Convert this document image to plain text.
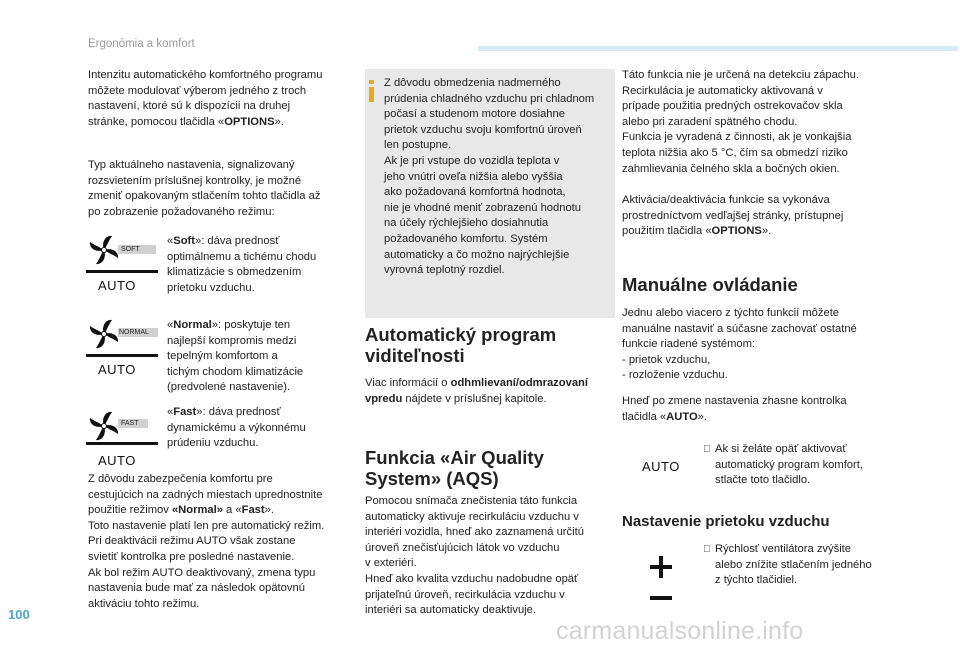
Ergonómia a komfort
Intenzitu automatického komfortného programu
môžete modulovať výberom jedného z troch
nastavení, ktoré sú k dispozícii na druhej
stránke, pomocou tlačidla «OPTIONS».
Typ aktuálneho nastavenia, signalizovaný
rozsvietením príslušnej kontrolky, je možné
zmeniť opakovaným stlačením tohto tlačidla až
po zobrazenie požadovaného režimu:
SOFT
AUTO
«Soft»: dáva prednosť
optimálnemu a tichému chodu
klimatizácie s obmedzením
prietoku vzduchu.
NORMAL
AUTO
«Normal»: poskytuje ten
najlepší kompromis medzi
tepelným komfortom a
tichým chodom klimatizácie
(predvolené nastavenie).
FAST
AUTO
«Fast»: dáva prednosť
dynamickému a výkonnému
prúdeniu vzduchu.
Z dôvodu zabezpečenia komfortu pre
cestujúcich na zadných miestach uprednostnite
použitie režimov «Normal» a «Fast».
Toto nastavenie platí len pre automatický režim.
Pri deaktivácii režimu AUTO však zostane
svietiť kontrolka pre posledné nastavenie.
Ak bol režim AUTO deaktivovaný, zmena typu
nastavenia bude mať za následok opätovnú
aktiváciu tohto režimu.
Z dôvodu obmedzenia nadmerného
prúdenia chladného vzduchu pri chladnom
počasí a studenom motore dosiahne
prietok vzduchu svoju komfortnú úroveň
len postupne.
Ak je pri vstupe do vozidla teplota v
jeho vnútri oveľa nižšia alebo vyššia
ako požadovaná komfortná hodnota,
nie je vhodné meniť zobrazenú hodnotu
na účely rýchlejšieho dosiahnutia
požadovaného komfortu. Systém
automaticky a čo možno najrýchlejšie
vyrovná teplotný rozdiel.
Automatický program
viditeľnosti
Viac informácií o odhmlievaní/odmrazovaní
vpredu nájdete v príslušnej kapitole.
Funkcia «Air Quality
System» (AQS)
Pomocou snímača znečistenia táto funkcia
automaticky aktivuje recirkuláciu vzduchu v
interiéri vozidla, hneď ako zaznamená určitú
úroveň znečisťujúcich látok vo vzduchu
v exteriéri.
Hneď ako kvalita vzduchu nadobudne opäť
prijateľnú úroveň, recirkulácia vzduchu v
interiéri sa automaticky deaktivuje.
Táto funkcia nie je určená na detekciu zápachu.
Recirkulácia je automaticky aktivovaná v
prípade použitia predných ostrekovačov skla
alebo pri zaradení spätného chodu.
Funkcia je vyradená z činnosti, ak je vonkajšia
teplota nižšia ako 5 °C, čím sa obmedzí riziko
zahmlievania čelného skla a bočných okien.
Aktivácia/deaktivácia funkcie sa vykonáva
prostredníctvom vedľajšej stránky, prístupnej
použitím tlačidla «OPTIONS».
Manuálne ovládanie
Jednu alebo viacero z týchto funkcií môžete
manuálne nastaviť a súčasne zachovať ostatné
funkcie riadené systémom:
- prietok vzduchu,
- rozloženie vzduchu.
Hneď po zmene nastavenia zhasne kontrolka
tlačidla «AUTO».
AUTO
Ak si želáte opäť aktivovať
automatický program komfort,
stlačte toto tlačidlo.
Nastavenie prietoku vzduchu
Rýchlosť ventilátora zvýšite
alebo znížite stlačením jedného
z týchto tlačidiel.
100
carmanualsonline.info
